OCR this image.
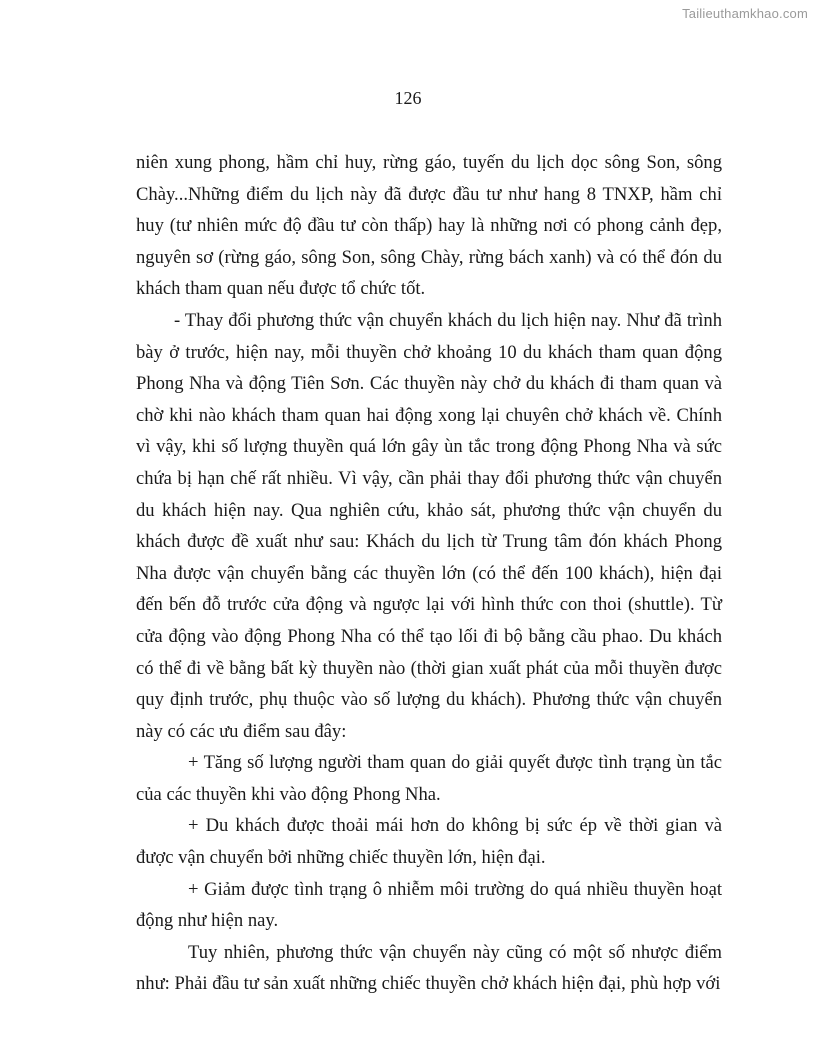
Tailieuthamkhao.com
126

niên xung phong, hầm chỉ huy, rừng gáo, tuyến du lịch dọc sông Son, sông Chày...Những điểm du lịch này đã được đầu tư như hang 8 TNXP, hầm chỉ huy (tư nhiên mức độ đầu tư còn thấp) hay là những nơi có phong cảnh đẹp, nguyên sơ (rừng gáo, sông Son, sông Chày, rừng bách xanh) và có thể đón du khách tham quan nếu được tổ chức tốt.

- Thay đổi phương thức vận chuyển khách du lịch hiện nay. Như đã trình bày ở trước, hiện nay, mỗi thuyền chở khoảng 10 du khách tham quan động Phong Nha và động Tiên Sơn. Các thuyền này chở du khách đi tham quan và chờ khi nào khách tham quan hai động xong lại chuyên chở khách về. Chính vì vậy, khi số lượng thuyền quá lớn gây ùn tắc trong động Phong Nha và sức chứa bị hạn chế rất nhiều. Vì vậy, cần phải thay đổi phương thức vận chuyển du khách hiện nay. Qua nghiên cứu, khảo sát, phương thức vận chuyển du khách được đề xuất như sau: Khách du lịch từ Trung tâm đón khách Phong Nha được vận chuyển bằng các thuyền lớn (có thể đến 100 khách), hiện đại đến bến đỗ trước cửa động và ngược lại với hình thức con thoi (shuttle). Từ cửa động vào động Phong Nha có thể tạo lối đi bộ bằng cầu phao. Du khách có thể đi về bằng bất kỳ thuyền nào (thời gian xuất phát của mỗi thuyền được quy định trước, phụ thuộc vào số lượng du khách). Phương thức vận chuyển này có các ưu điểm sau đây:

+ Tăng số lượng người tham quan do giải quyết được tình trạng ùn tắc của các thuyền khi vào động Phong Nha.

+ Du khách được thoải mái hơn do không bị sức ép về thời gian và được vận chuyển bởi những chiếc thuyền lớn, hiện đại.

+ Giảm được tình trạng ô nhiễm môi trường do quá nhiều thuyền hoạt động như hiện nay.

Tuy nhiên, phương thức vận chuyển này cũng có một số nhược điểm như: Phải đầu tư sản xuất những chiếc thuyền chở khách hiện đại, phù hợp với
